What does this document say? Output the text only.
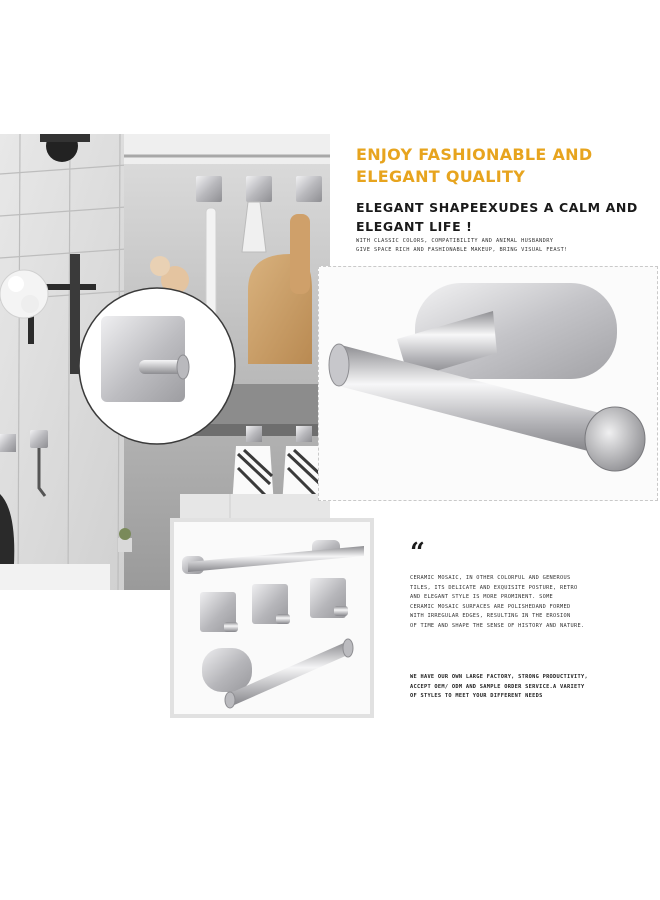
ENJOY FASHIONABLE AND
ELEGANT QUALITY
ELEGANT SHAPEEXUDES A CALM AND
ELEGANT LIFE !
WITH CLASSIC COLORS, COMPATIBILITY AND ANIMAL HUSBANDRY
GIVE SPACE RICH AND FASHIONABLE MAKEUP, BRING VISUAL FEAST!
“
CERAMIC MOSAIC, IN OTHER COLORFUL AND GENEROUS
TILES, ITS DELICATE AND EXQUISITE POSTURE, RETRO
AND ELEGANT STYLE IS MORE PROMINENT. SOME
CERAMIC MOSAIC SURFACES ARE POLISHEDAND FORMED
WITH IRREGULAR EDGES, RESULTING IN THE EROSION
OF TIME AND SHAPE THE SENSE OF HISTORY AND NATURE.
WE HAVE OUR OWN LARGE FACTORY, STRONG PRODUCTIVITY,
ACCEPT OEM/ ODM AND SAMPLE ORDER SERVICE.A VARIETY
OF STYLES TO MEET YOUR DIFFERENT NEEDS
